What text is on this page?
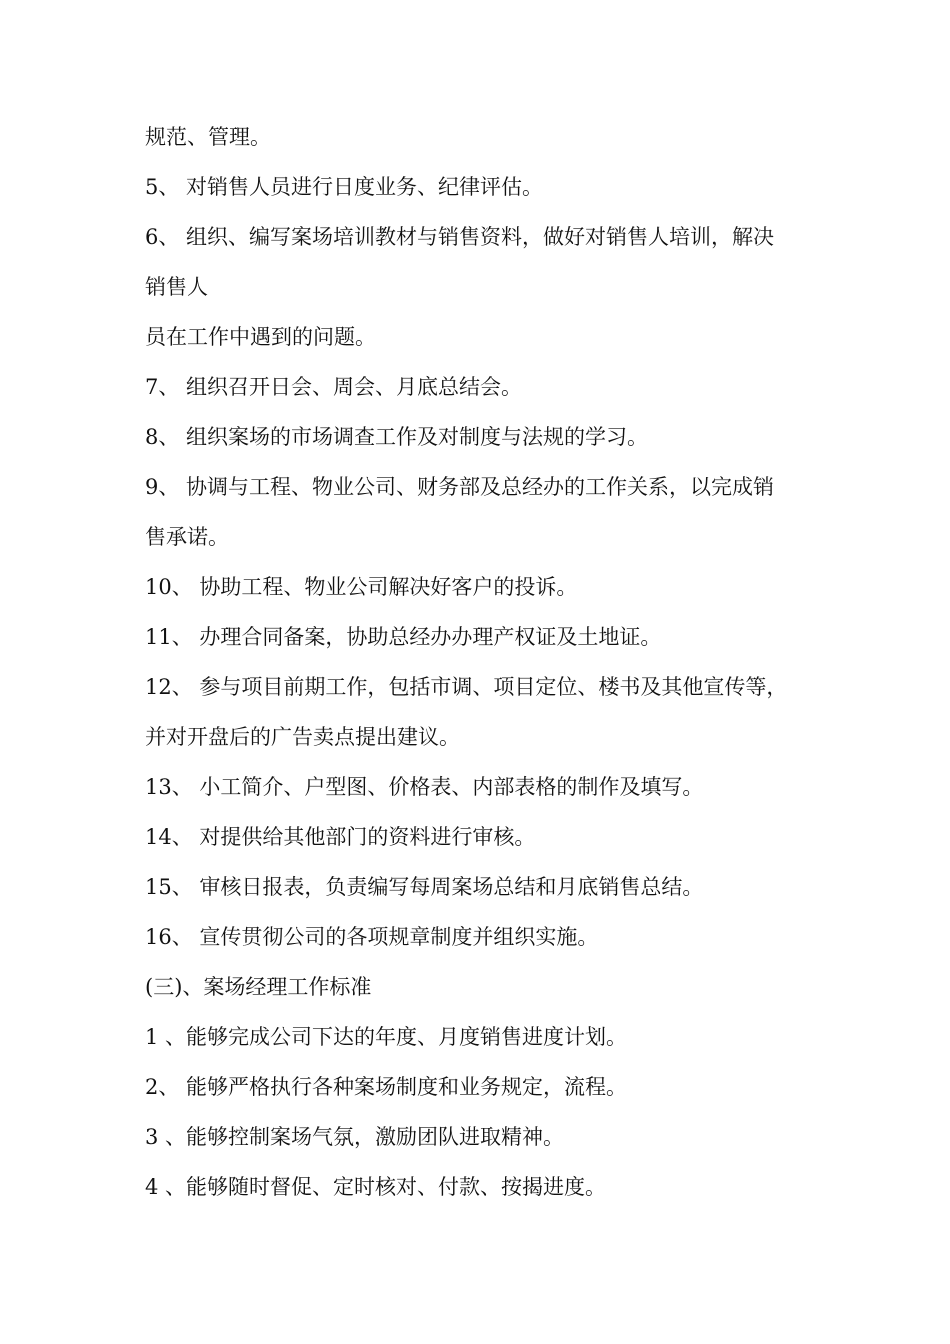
规范、管理。
5、 对销售人员进行日度业务、纪律评估。
6、 组织、编写案场培训教材与销售资料，做好对销售人培训，解决
销售人
员在工作中遇到的问题。
7、 组织召开日会、周会、月底总结会。
8、 组织案场的市场调查工作及对制度与法规的学习。
9、 协调与工程、物业公司、财务部及总经办的工作关系，以完成销
售承诺。
10、 协助工程、物业公司解决好客户的投诉。
11、 办理合同备案，协助总经办办理产权证及土地证。
12、 参与项目前期工作，包括市调、项目定位、楼书及其他宣传等，
并对开盘后的广告卖点提出建议。
13、 小工简介、户型图、价格表、内部表格的制作及填写。
14、 对提供给其他部门的资料进行审核。
15、 审核日报表，负责编写每周案场总结和月底销售总结。
16、 宣传贯彻公司的各项规章制度并组织实施。
(三)、案场经理工作标准
1 、能够完成公司下达的年度、月度销售进度计划。
2、 能够严格执行各种案场制度和业务规定，流程。
3 、能够控制案场气氛，激励团队进取精神。
4 、能够随时督促、定时核对、付款、按揭进度。
